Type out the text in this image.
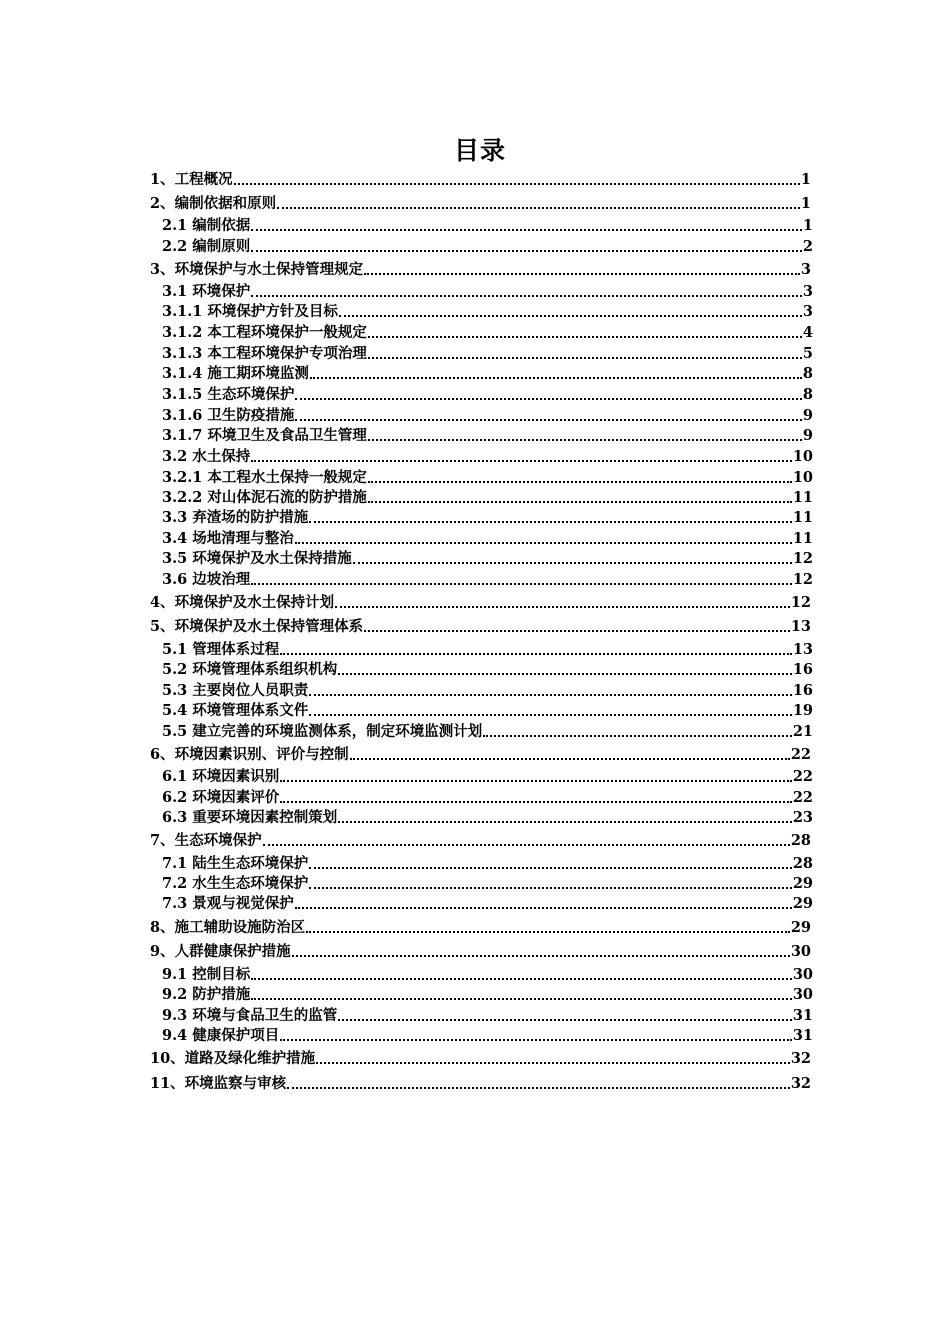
目录
1、工程概况	1
2、编制依据和原则	1
2.1 编制依据	1
2.2 编制原则	2
3、环境保护与水土保持管理规定	3
3.1 环境保护	3
3.1.1 环境保护方针及目标	3
3.1.2 本工程环境保护一般规定	4
3.1.3 本工程环境保护专项治理	5
3.1.4 施工期环境监测	8
3.1.5 生态环境保护	8
3.1.6 卫生防疫措施	9
3.1.7 环境卫生及食品卫生管理	9
3.2 水土保持	10
3.2.1 本工程水土保持一般规定	10
3.2.2 对山体泥石流的防护措施	11
3.3 弃渣场的防护措施	11
3.4 场地清理与整治	11
3.5 环境保护及水土保持措施	12
3.6 边坡治理	12
4、环境保护及水土保持计划	12
5、环境保护及水土保持管理体系	13
5.1 管理体系过程	13
5.2 环境管理体系组织机构	16
5.3 主要岗位人员职责	16
5.4 环境管理体系文件	19
5.5 建立完善的环境监测体系，制定环境监测计划	21
6、环境因素识别、评价与控制	22
6.1 环境因素识别	22
6.2 环境因素评价	22
6.3 重要环境因素控制策划	23
7、生态环境保护	28
7.1 陆生生态环境保护	28
7.2 水生生态环境保护	29
7.3 景观与视觉保护	29
8、施工辅助设施防治区	29
9、人群健康保护措施	30
9.1 控制目标	30
9.2 防护措施	30
9.3 环境与食品卫生的监管	31
9.4 健康保护项目	31
10、道路及绿化维护措施	32
11、环境监察与审核	32
